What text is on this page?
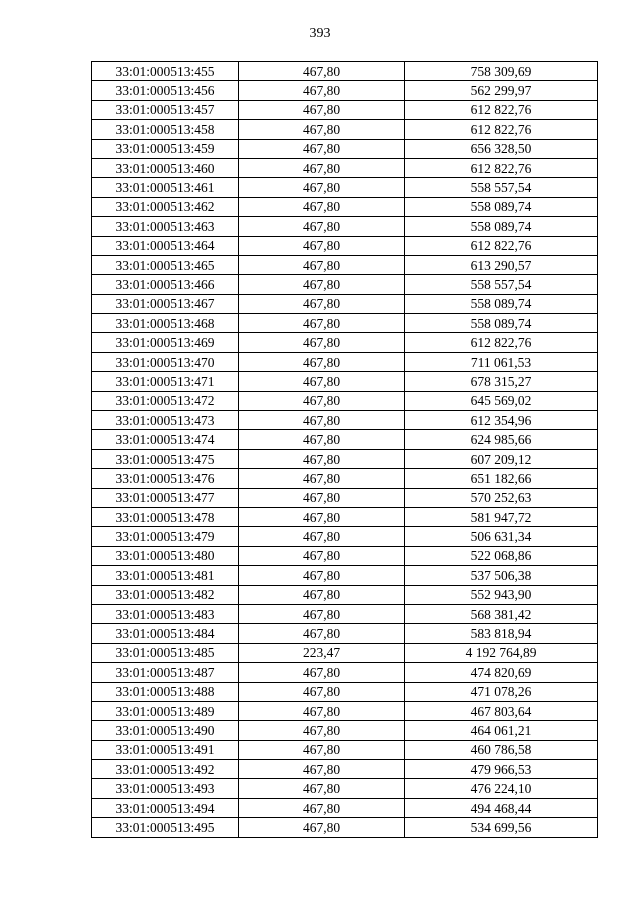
393
33:01:000513:455	467,80	758 309,69
33:01:000513:456	467,80	562 299,97
33:01:000513:457	467,80	612 822,76
33:01:000513:458	467,80	612 822,76
33:01:000513:459	467,80	656 328,50
33:01:000513:460	467,80	612 822,76
33:01:000513:461	467,80	558 557,54
33:01:000513:462	467,80	558 089,74
33:01:000513:463	467,80	558 089,74
33:01:000513:464	467,80	612 822,76
33:01:000513:465	467,80	613 290,57
33:01:000513:466	467,80	558 557,54
33:01:000513:467	467,80	558 089,74
33:01:000513:468	467,80	558 089,74
33:01:000513:469	467,80	612 822,76
33:01:000513:470	467,80	711 061,53
33:01:000513:471	467,80	678 315,27
33:01:000513:472	467,80	645 569,02
33:01:000513:473	467,80	612 354,96
33:01:000513:474	467,80	624 985,66
33:01:000513:475	467,80	607 209,12
33:01:000513:476	467,80	651 182,66
33:01:000513:477	467,80	570 252,63
33:01:000513:478	467,80	581 947,72
33:01:000513:479	467,80	506 631,34
33:01:000513:480	467,80	522 068,86
33:01:000513:481	467,80	537 506,38
33:01:000513:482	467,80	552 943,90
33:01:000513:483	467,80	568 381,42
33:01:000513:484	467,80	583 818,94
33:01:000513:485	223,47	4 192 764,89
33:01:000513:487	467,80	474 820,69
33:01:000513:488	467,80	471 078,26
33:01:000513:489	467,80	467 803,64
33:01:000513:490	467,80	464 061,21
33:01:000513:491	467,80	460 786,58
33:01:000513:492	467,80	479 966,53
33:01:000513:493	467,80	476 224,10
33:01:000513:494	467,80	494 468,44
33:01:000513:495	467,80	534 699,56
